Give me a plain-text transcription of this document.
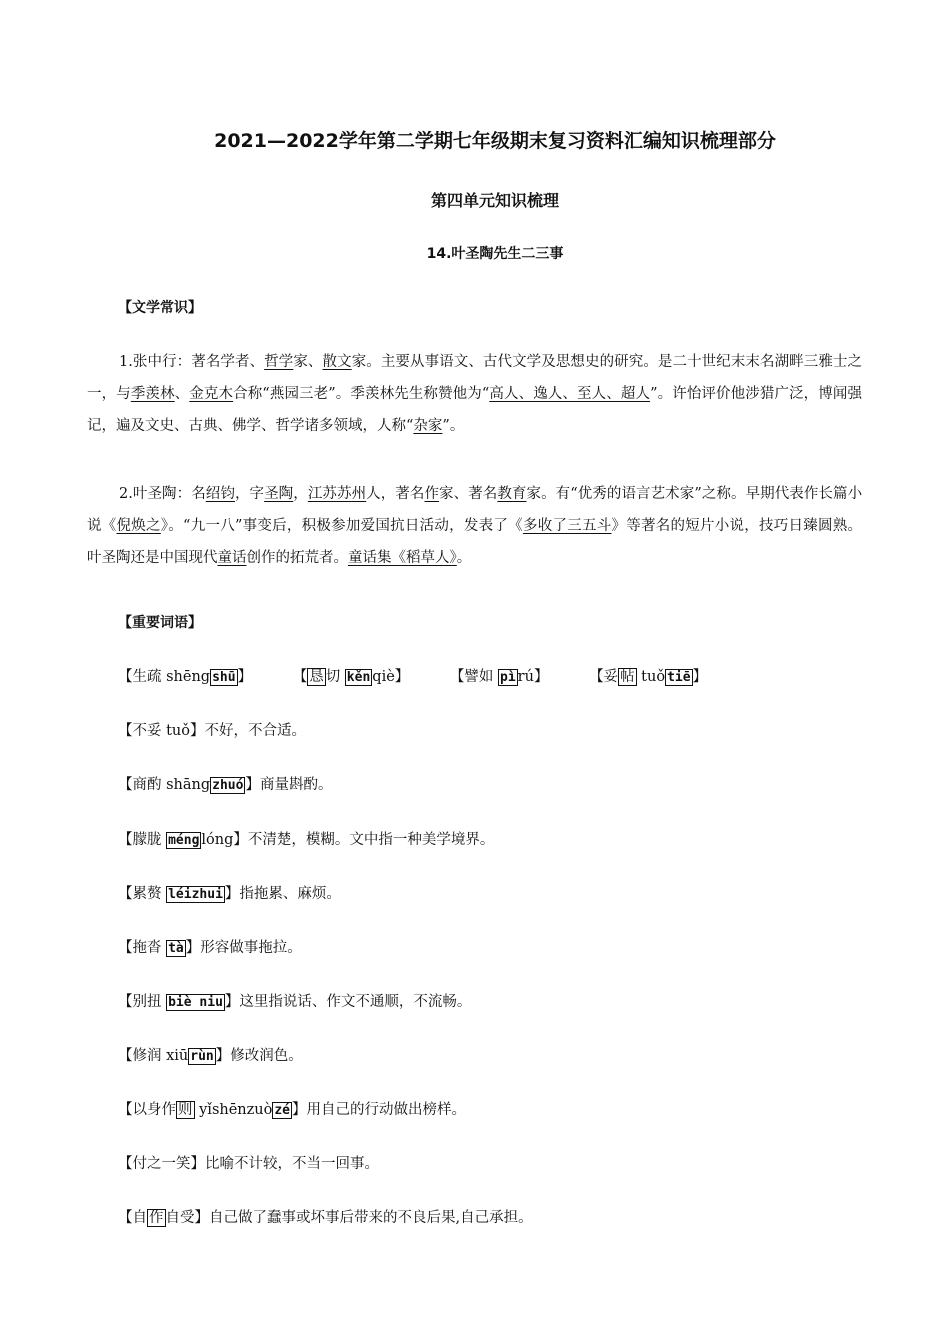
2021—2022学年第二学期七年级期末复习资料汇编知识梳理部分
第四单元知识梳理
14.叶圣陶先生二三事
【文学常识】
1.张中行：著名学者、哲学家、散文家。主要从事语文、古代文学及思想史的研究。是二十世纪末末名湖畔三雅士之一，与季羡林、金克木合称“燕园三老”。季羡林先生称赞他为“高人、逸人、至人、超人”。许怡评价他涉猎广泛，博闻强记，遍及文史、古典、佛学、哲学诸多领域，人称“杂家”。
2.叶圣陶：名绍钧，字圣陶，江苏苏州人，著名作家、著名教育家。有“优秀的语言艺术家”之称。早期代表作长篇小说《倪焕之》。“九一八”事变后，积极参加爱国抗日活动，发表了《多收了三五斗》等著名的短片小说，技巧日臻圆熟。叶圣陶还是中国现代童话创作的拓荒者。童话集《稻草人》。
【重要词语】
【生疏 shēng shū 】	【 恳 切 kěn qiè】	【譬如 pì rú】	【妥 帖 tuǒ tiē 】
【不妥 tuǒ】不好，不合适。
【商酌 shāng zhuó 】商量斟酌。
【朦胧 méng lóng】不清楚，模糊。文中指一种美学境界。
【累赘 léizhui 】指拖累、麻烦。
【拖沓 tà 】形容做事拖拉。
【别扭 biè niu 】这里指说话、作文不通顺，不流畅。
【修润 xiū rùn 】修改润色。
【以身作 则 yǐshēnzuò zé 】用自己的行动做出榜样。
【付之一笑】比喻不计较，不当一回事。
【自 作 自受】自己做了蠢事或坏事后带来的不良后果,自己承担。
